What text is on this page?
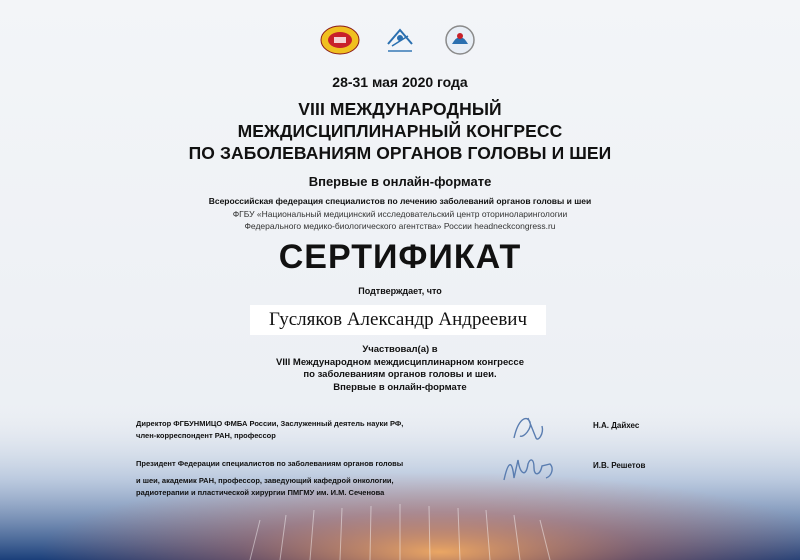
28-31 мая 2020 года
VIII МЕЖДУНАРОДНЫЙ
МЕЖДИСЦИПЛИНАРНЫЙ КОНГРЕСС
ПО ЗАБОЛЕВАНИЯМ ОРГАНОВ ГОЛОВЫ И ШЕИ
Впервые в онлайн-формате
Всероссийская федерация специалистов по лечению заболеваний органов головы и шеи
ФГБУ «Национальный медицинский исследовательский центр оториноларингологии
Федерального медико-биологического агентства» России headneckcongress.ru
СЕРТИФИКАТ
Подтверждает, что
Гусляков Александр Андреевич
Участвовал(а) в
VIII Международном междисциплинарном конгрессе
по заболеваниям органов головы и шеи.
Впервые в онлайн-формате
Директор ФГБУНМИЦО ФМБА России, Заслуженный деятель науки РФ,
член-корреспондент РАН, профессор
Н.А. Дайхес
Президент Федерации специалистов по заболеваниям органов головы
и шеи, академик РАН, профессор, заведующий кафедрой онкологии,
радиотерапии и пластической хирургии ПМГМУ им. И.М. Сеченова
И.В. Решетов
